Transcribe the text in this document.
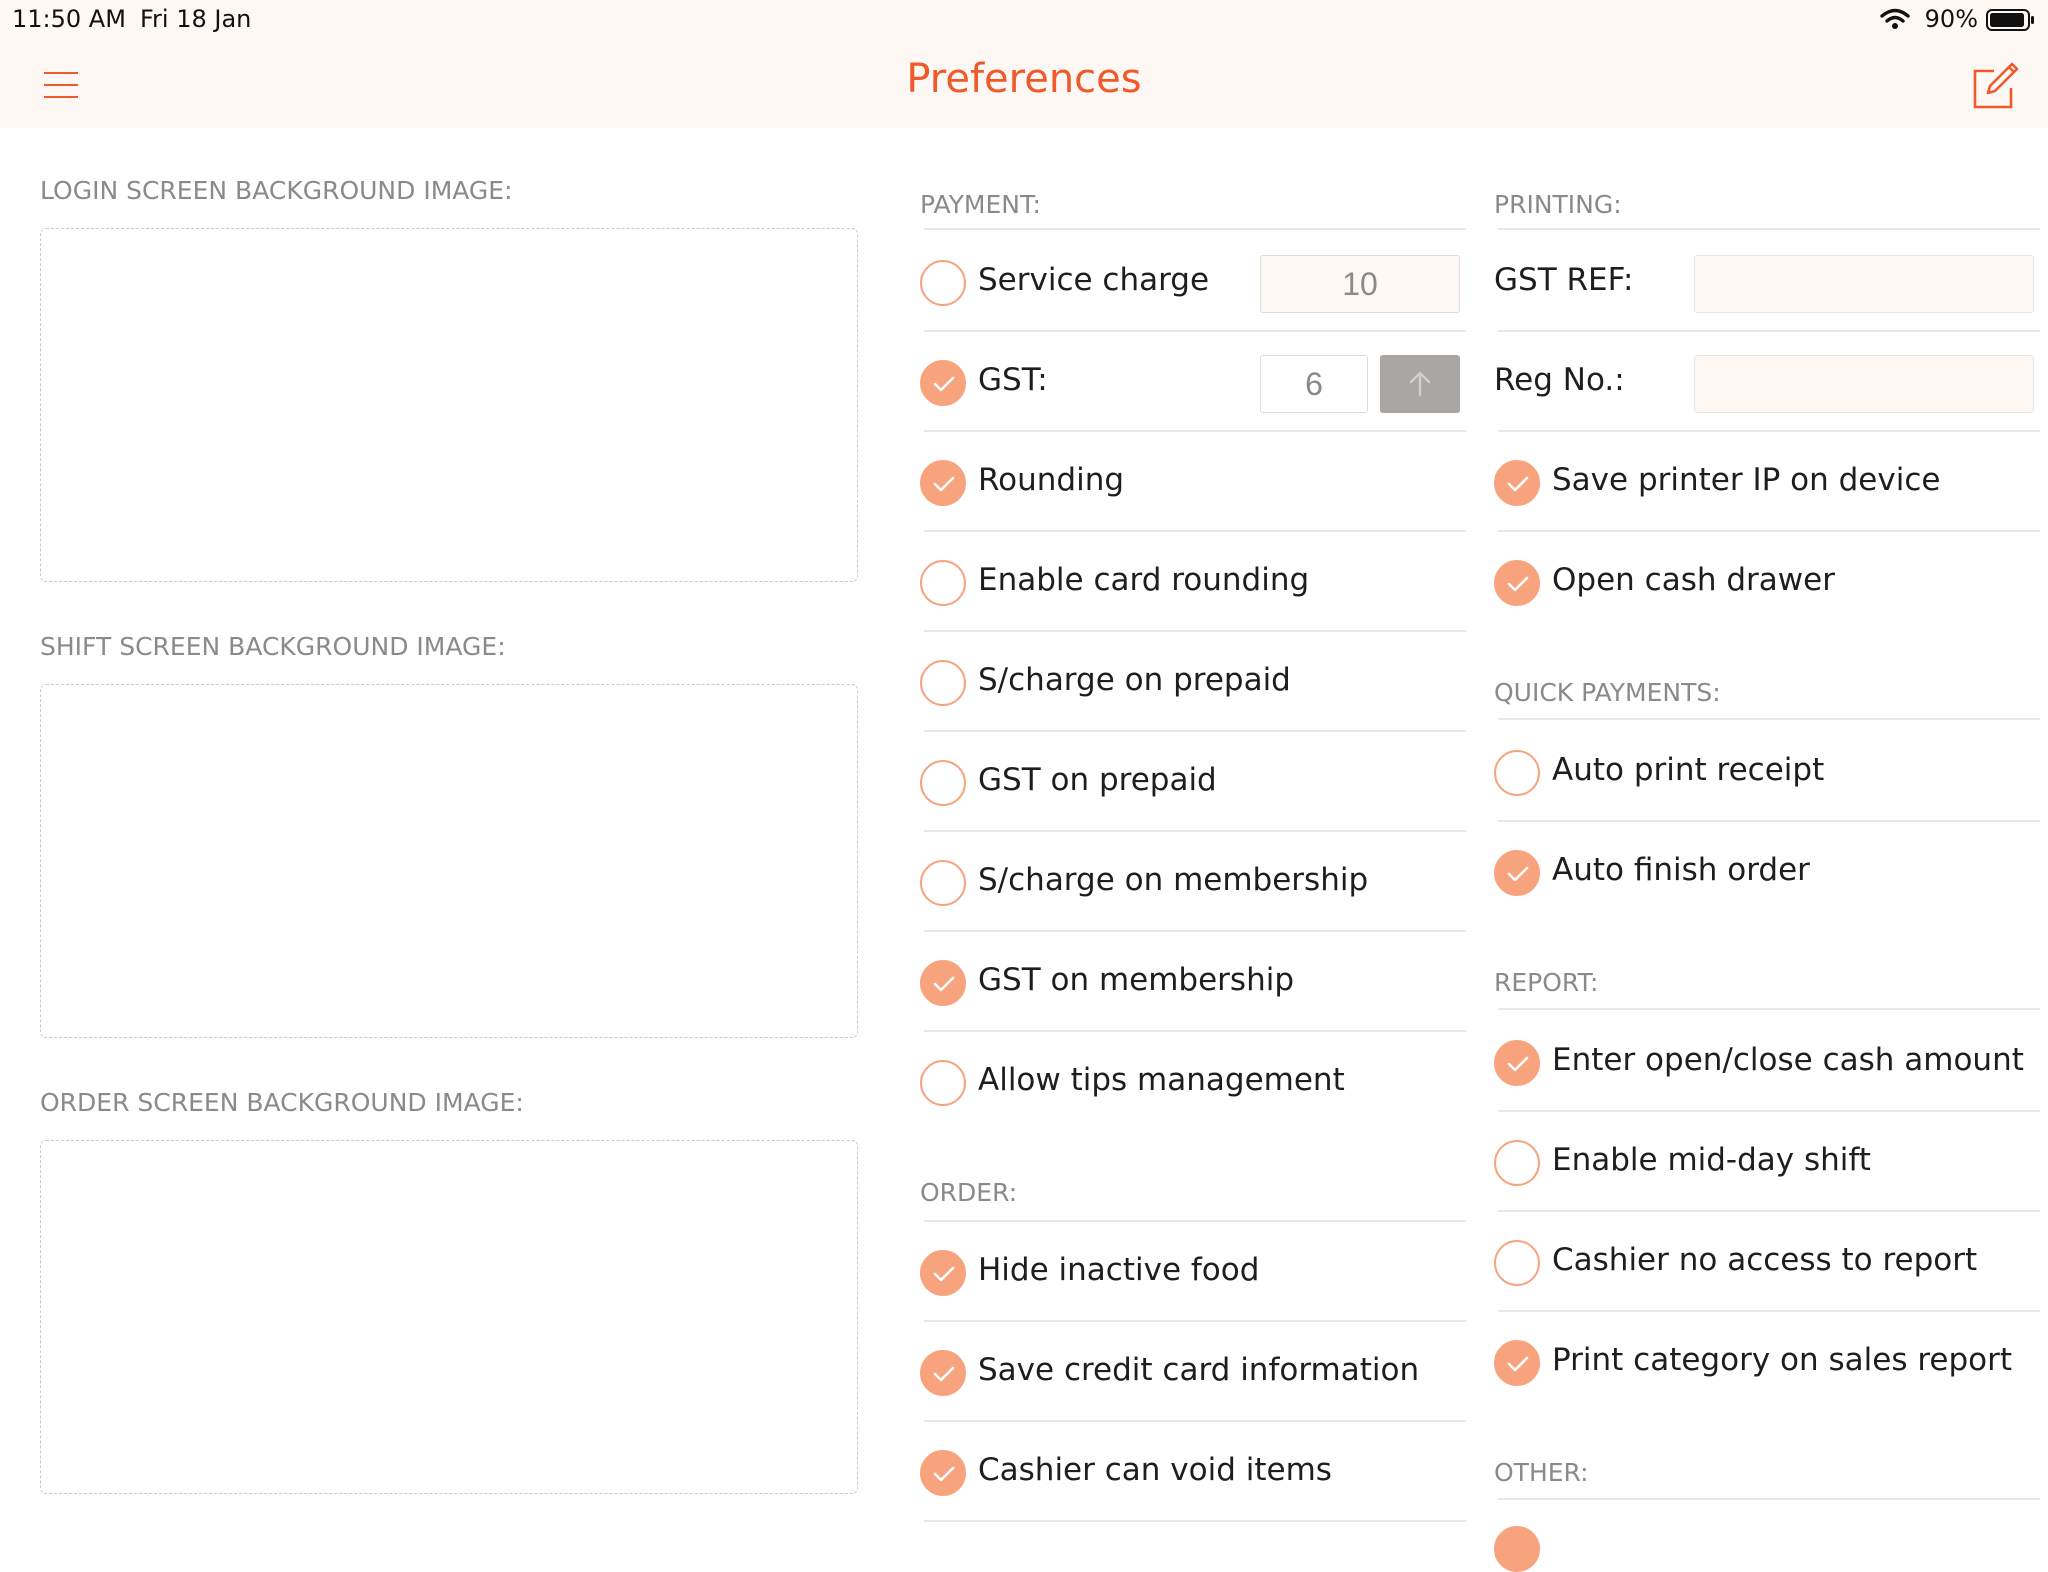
11:50 AM Fri 18 Jan	90%
Preferences
LOGIN SCREEN BACKGROUND IMAGE:
SHIFT SCREEN BACKGROUND IMAGE:
ORDER SCREEN BACKGROUND IMAGE:
PAYMENT:
Service charge
10
GST:
6
Rounding
Enable card rounding
S/charge on prepaid
GST on prepaid
S/charge on membership
GST on membership
Allow tips management
ORDER:
Hide inactive food
Save credit card information
Cashier can void items
PRINTING:
GST REF:
Reg No.:
Save printer IP on device
Open cash drawer
QUICK PAYMENTS:
Auto print receipt
Auto finish order
REPORT:
Enter open/close cash amount
Enable mid-day shift
Cashier no access to report
Print category on sales report
OTHER:
